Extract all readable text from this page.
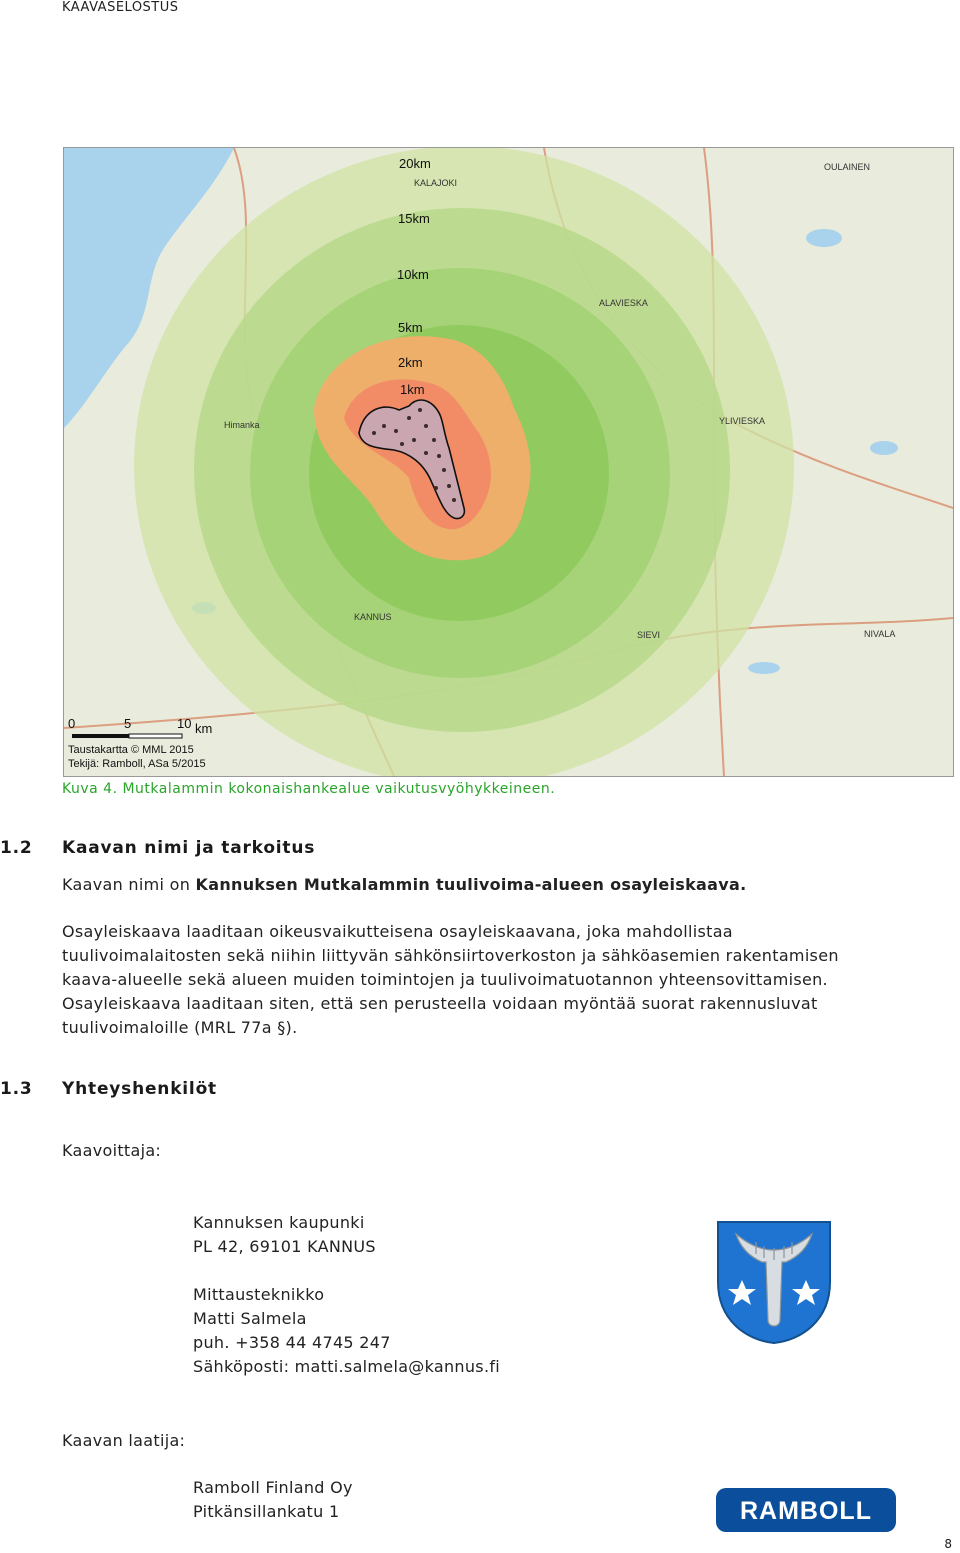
KAAVASELOSTUS
20km
15km
10km
5km
2km
1km
OULAINEN
KALAJOKI
ALAVIESKA
YLIVIESKA
KANNUS
SIEVI	NIVALA
Himanka
0	5	10 km
Taustakartta © MML 2015
Tekijä: Ramboll, ASa 5/2015
Kuva 4. Mutkalammin kokonaishankealue vaikutusvyöhykkeineen.
1.2 Kaavan nimi ja tarkoitus
Kaavan nimi on Kannuksen Mutkalammin tuulivoima-alueen osayleiskaava.
Osayleiskaava laaditaan oikeusvaikutteisena osayleiskaavana, joka mahdollistaa
tuulivoimalaitosten sekä niihin liittyvän sähkönsiirtoverkoston ja sähköasemien rakentamisen
kaava-alueelle sekä alueen muiden toimintojen ja tuulivoimatuotannon yhteensovittamisen.
Osayleiskaava laaditaan siten, että sen perusteella voidaan myöntää suorat rakennusluvat
tuulivoimaloille (MRL 77a §).
1.3 Yhteyshenkilöt
Kaavoittaja:
Kannuksen kaupunki
PL 42, 69101 KANNUS
Mittausteknikko
Matti Salmela
puh. +358 44 4745 247
Sähköposti: matti.salmela@kannus.fi
Kaavan laatija:
Ramboll Finland Oy
Pitkänsillankatu 1	RAMBOLL
8
